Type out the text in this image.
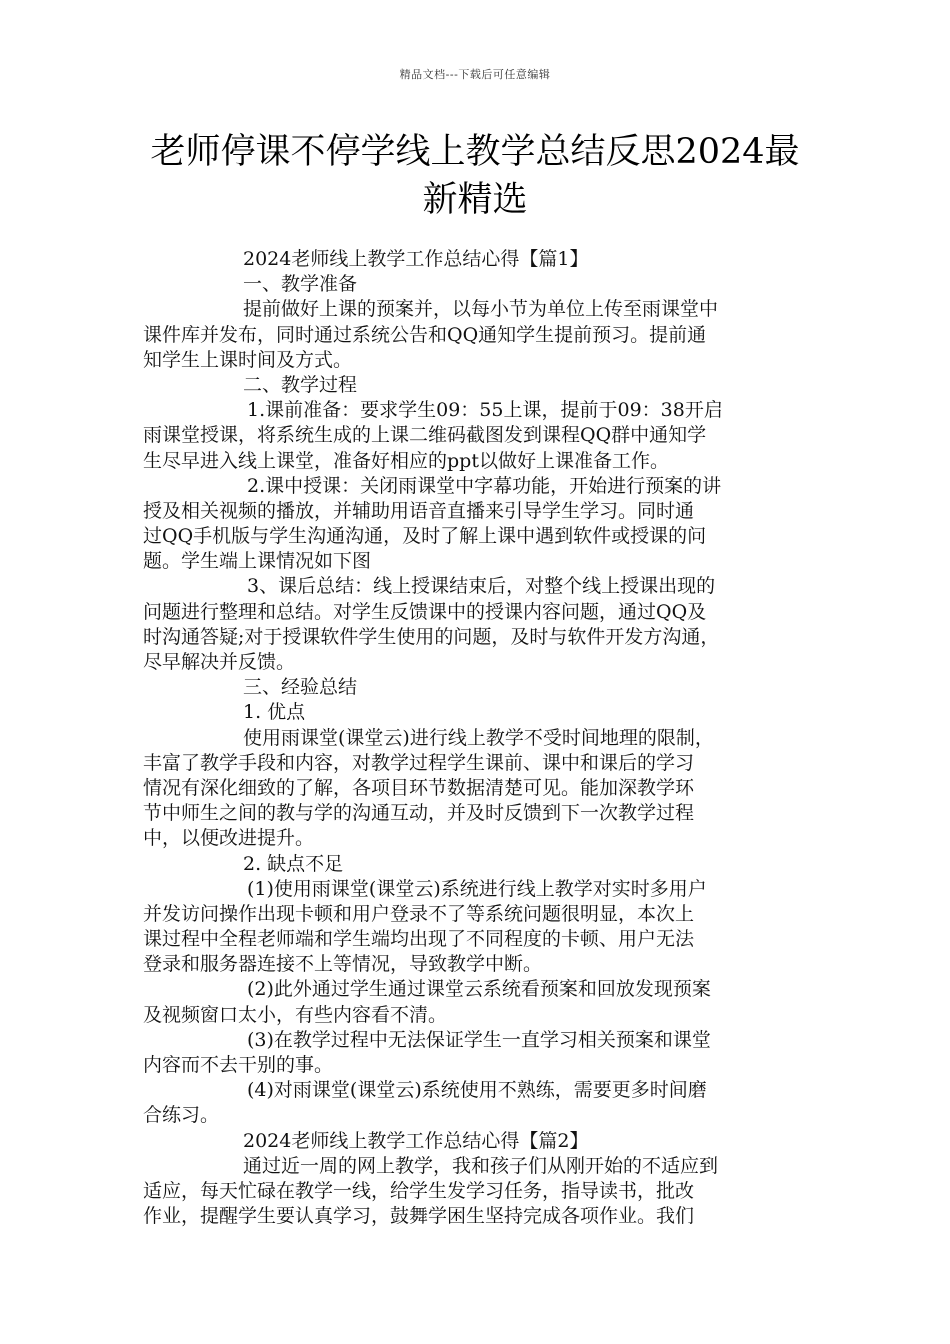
精品文档---下载后可任意编辑
老师停课不停学线上教学总结反思2024最
新精选
2024老师线上教学工作总结心得【篇1】
一、教学准备
提前做好上课的预案并，以每小节为单位上传至雨课堂中
课件库并发布，同时通过系统公告和QQ通知学生提前预习。提前通
知学生上课时间及方式。
二、教学过程
1.课前准备：要求学生09：55上课，提前于09：38开启
雨课堂授课，将系统生成的上课二维码截图发到课程QQ群中通知学
生尽早进入线上课堂，准备好相应的ppt以做好上课准备工作。
2.课中授课：关闭雨课堂中字幕功能，开始进行预案的讲
授及相关视频的播放，并辅助用语音直播来引导学生学习。同时通
过QQ手机版与学生沟通沟通，及时了解上课中遇到软件或授课的问
题。学生端上课情况如下图
3、课后总结：线上授课结束后，对整个线上授课出现的
问题进行整理和总结。对学生反馈课中的授课内容问题，通过QQ及
时沟通答疑;对于授课软件学生使用的问题，及时与软件开发方沟通，
尽早解决并反馈。
三、经验总结
1. 优点
使用雨课堂(课堂云)进行线上教学不受时间地理的限制，
丰富了教学手段和内容，对教学过程学生课前、课中和课后的学习
情况有深化细致的了解，各项目环节数据清楚可见。能加深教学环
节中师生之间的教与学的沟通互动，并及时反馈到下一次教学过程
中，以便改进提升。
2. 缺点不足
(1)使用雨课堂(课堂云)系统进行线上教学对实时多用户
并发访问操作出现卡顿和用户登录不了等系统问题很明显，本次上
课过程中全程老师端和学生端均出现了不同程度的卡顿、用户无法
登录和服务器连接不上等情况，导致教学中断。
(2)此外通过学生通过课堂云系统看预案和回放发现预案
及视频窗口太小，有些内容看不清。
(3)在教学过程中无法保证学生一直学习相关预案和课堂
内容而不去干别的事。
(4)对雨课堂(课堂云)系统使用不熟练，需要更多时间磨
合练习。
2024老师线上教学工作总结心得【篇2】
通过近一周的网上教学，我和孩子们从刚开始的不适应到
适应，每天忙碌在教学一线，给学生发学习任务，指导读书，批改
作业，提醒学生要认真学习，鼓舞学困生坚持完成各项作业。我们
